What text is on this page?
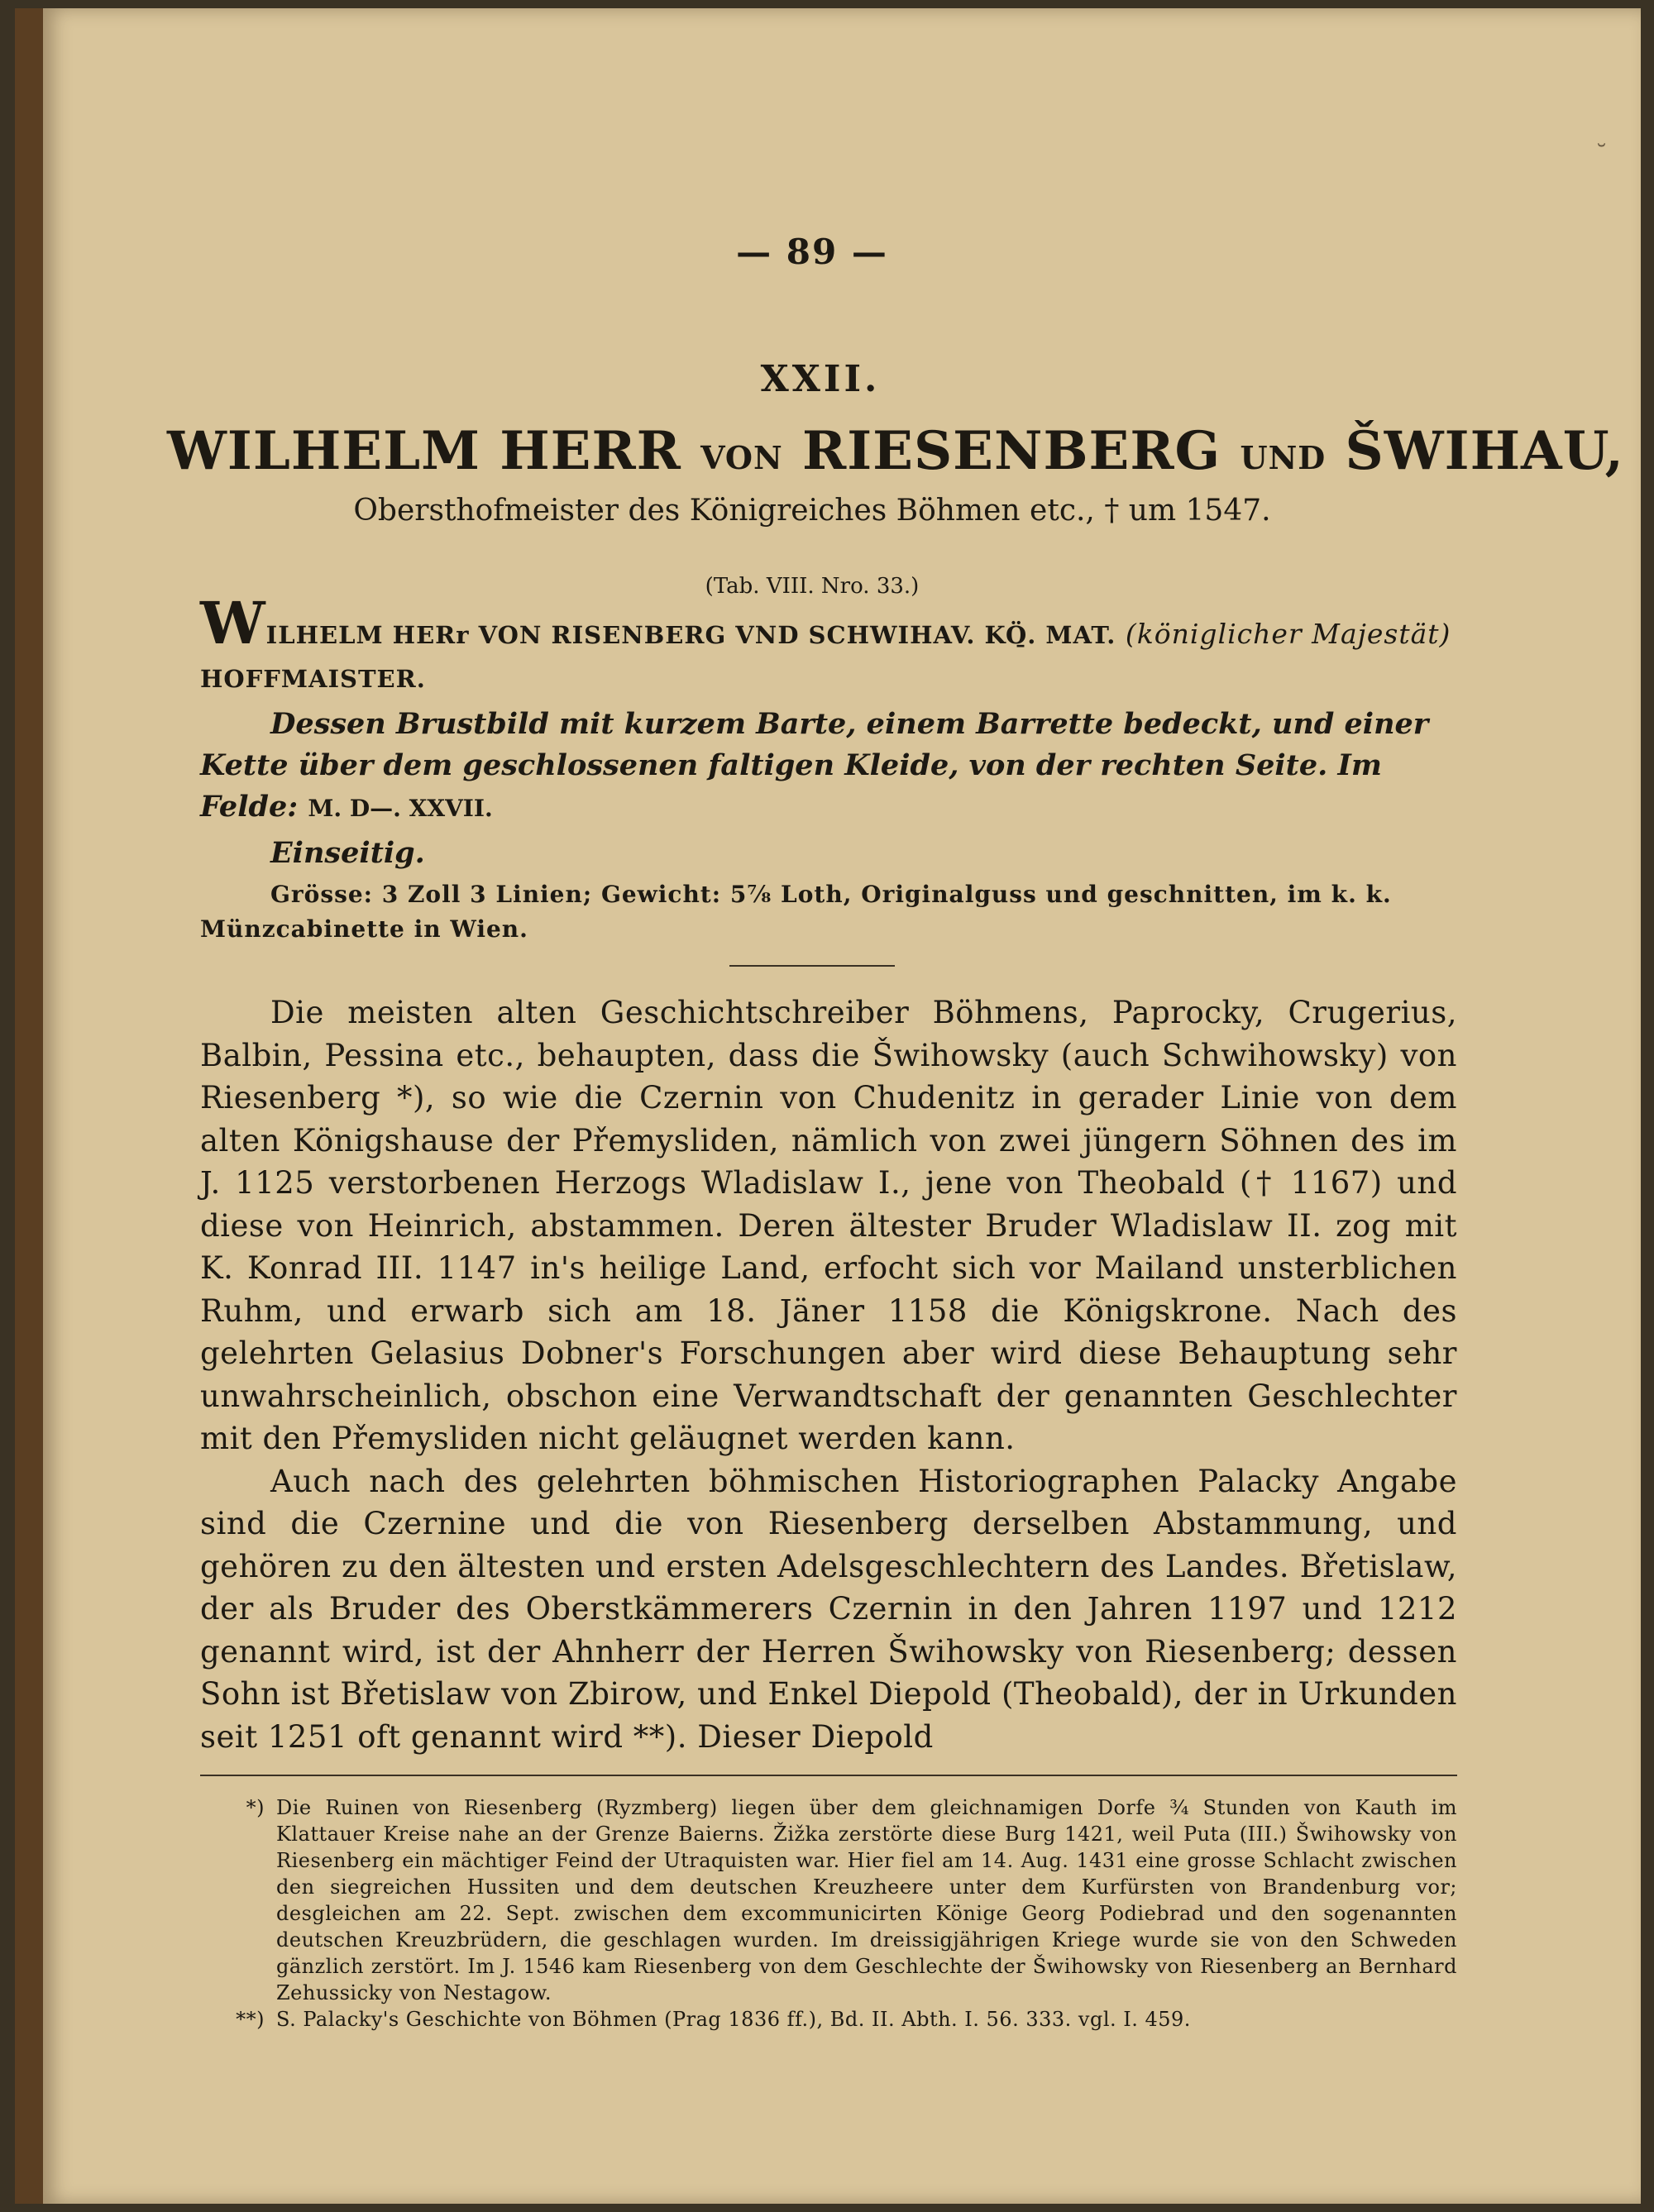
˘
— 89 —
XXII.
WILHELM HERR VON RIESENBERG UND ŠWIHAU,
Obersthofmeister des Königreiches Böhmen etc., † um 1547.
(Tab. VIII. Nro. 33.)
WILHELM HERr VON RISENBERG VND SCHWIHAV. KÖ̱. MAT. (königlicher Majestät) HOFFMAISTER.
Dessen Brustbild mit kurzem Barte, einem Barrette bedeckt, und einer Kette über dem geschlossenen faltigen Kleide, von der rechten Seite. Im Felde: M. D—. XXVII.
Einseitig.
Grösse: 3 Zoll 3 Linien; Gewicht: 5⅞ Loth, Originalguss und geschnitten, im k. k. Münzcabinette in Wien.

Die meisten alten Geschichtschreiber Böhmens, Paprocky, Crugerius, Balbin, Pessina etc., behaupten, dass die Šwihowsky (auch Schwihowsky) von Riesenberg *), so wie die Czernin von Chudenitz in gerader Linie von dem alten Königshause der Přemysliden, nämlich von zwei jüngern Söhnen des im J. 1125 verstorbenen Herzogs Wladislaw I., jene von Theobald († 1167) und diese von Heinrich, abstammen. Deren ältester Bruder Wladislaw II. zog mit K. Konrad III. 1147 in's heilige Land, erfocht sich vor Mailand unsterblichen Ruhm, und erwarb sich am 18. Jäner 1158 die Königskrone. Nach des gelehrten Gelasius Dobner's Forschungen aber wird diese Behauptung sehr unwahrscheinlich, obschon eine Verwandtschaft der genannten Geschlechter mit den Přemysliden nicht geläugnet werden kann.

Auch nach des gelehrten böhmischen Historiographen Palacky Angabe sind die Czernine und die von Riesenberg derselben Abstammung, und gehören zu den ältesten und ersten Adelsgeschlechtern des Landes. Břetislaw, der als Bruder des Oberstkämmerers Czernin in den Jahren 1197 und 1212 genannt wird, ist der Ahnherr der Herren Šwihowsky von Riesenberg; dessen Sohn ist Břetislaw von Zbirow, und Enkel Diepold (Theobald), der in Urkunden seit 1251 oft genannt wird **). Dieser Diepold

*) Die Ruinen von Riesenberg (Ryzmberg) liegen über dem gleichnamigen Dorfe ¾ Stunden von Kauth im Klattauer Kreise nahe an der Grenze Baierns. Žižka zerstörte diese Burg 1421, weil Puta (III.) Šwihowsky von Riesenberg ein mächtiger Feind der Utraquisten war. Hier fiel am 14. Aug. 1431 eine grosse Schlacht zwischen den siegreichen Hussiten und dem deutschen Kreuzheere unter dem Kurfürsten von Brandenburg vor; desgleichen am 22. Sept. zwischen dem excommunicirten Könige Georg Podiebrad und den sogenannten deutschen Kreuzbrüdern, die geschlagen wurden. Im dreissigjährigen Kriege wurde sie von den Schweden gänzlich zerstört. Im J. 1546 kam Riesenberg von dem Geschlechte der Šwihowsky von Riesenberg an Bernhard Zehussicky von Nestagow.
**) S. Palacky's Geschichte von Böhmen (Prag 1836 ff.), Bd. II. Abth. I. 56. 333. vgl. I. 459.
